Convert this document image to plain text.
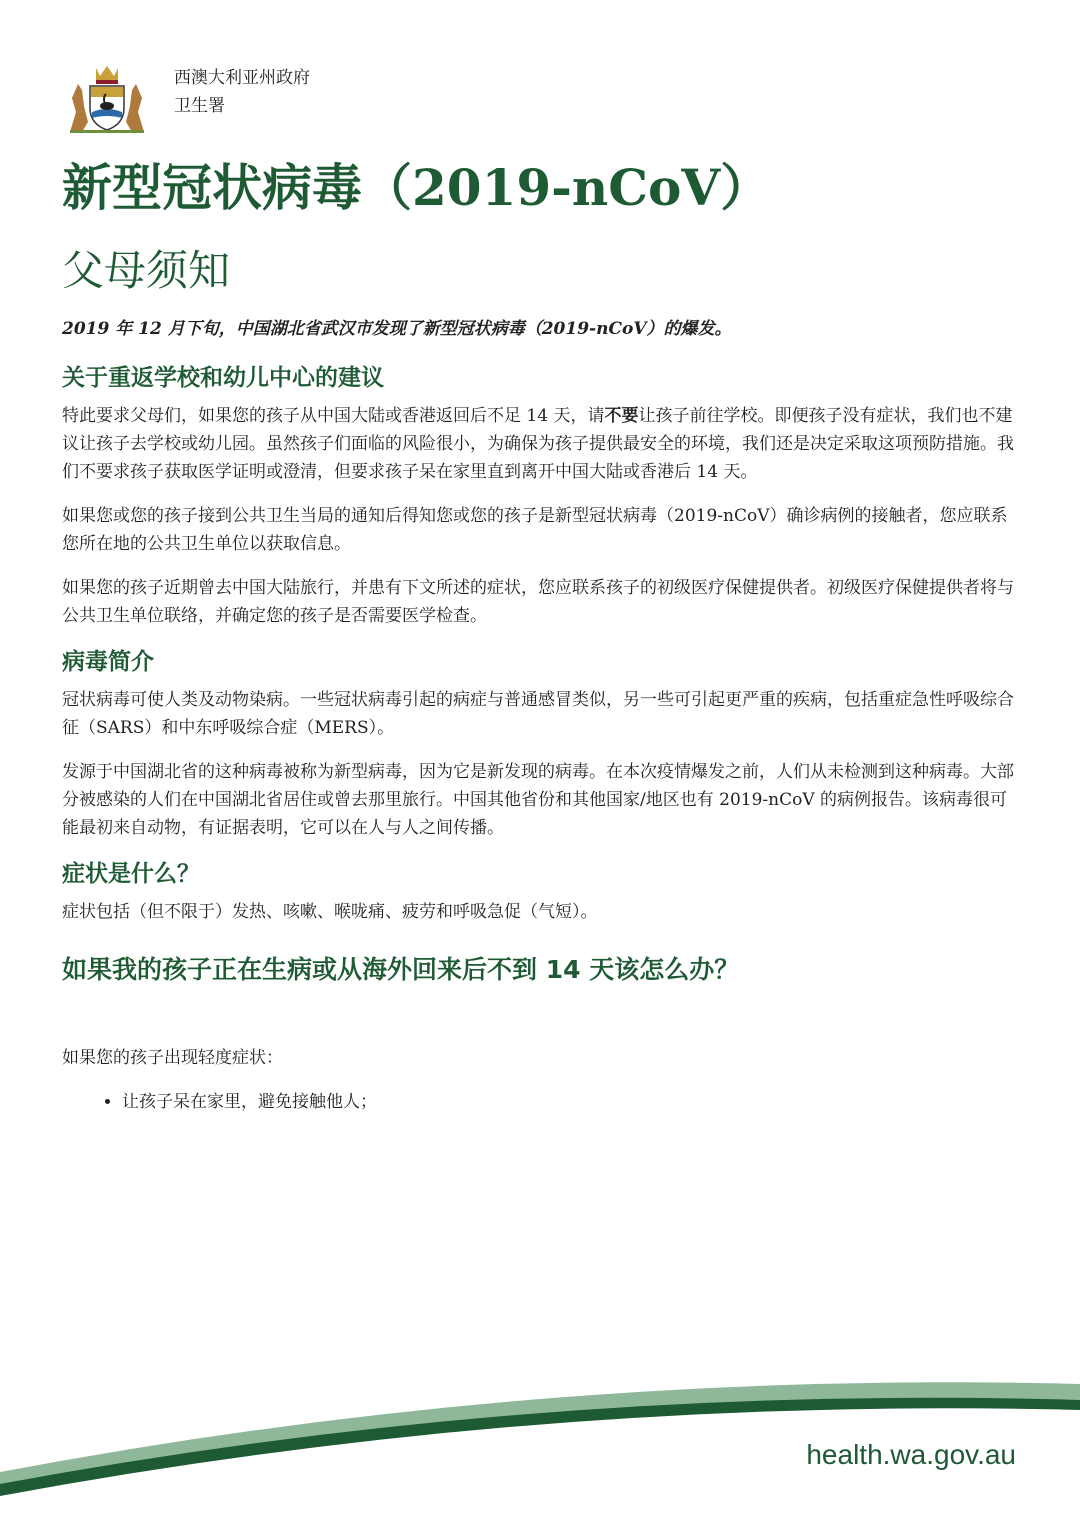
西澳大利亚州政府
卫生署
新型冠状病毒（2019-nCoV）
父母须知

2019 年 12 月下旬，中国湖北省武汉市发现了新型冠状病毒（2019-nCoV）的爆发。

关于重返学校和幼儿中心的建议

特此要求父母们，如果您的孩子从中国大陆或香港返回后不足 14 天，请不要让孩子前往学校。即便孩子没有症状，我们也不建议让孩子去学校或幼儿园。虽然孩子们面临的风险很小，为确保为孩子提供最安全的环境，我们还是决定采取这项预防措施。我们不要求孩子获取医学证明或澄清，但要求孩子呆在家里直到离开中国大陆或香港后 14 天。

如果您或您的孩子接到公共卫生当局的通知后得知您或您的孩子是新型冠状病毒（2019-nCoV）确诊病例的接触者，您应联系您所在地的公共卫生单位以获取信息。

如果您的孩子近期曾去中国大陆旅行，并患有下文所述的症状，您应联系孩子的初级医疗保健提供者。初级医疗保健提供者将与公共卫生单位联络，并确定您的孩子是否需要医学检查。

病毒简介

冠状病毒可使人类及动物染病。一些冠状病毒引起的病症与普通感冒类似，另一些可引起更严重的疾病，包括重症急性呼吸综合征（SARS）和中东呼吸综合症（MERS）。

发源于中国湖北省的这种病毒被称为新型病毒，因为它是新发现的病毒。在本次疫情爆发之前，人们从未检测到这种病毒。大部分被感染的人们在中国湖北省居住或曾去那里旅行。中国其他省份和其他国家/地区也有 2019-nCoV 的病例报告。该病毒很可能最初来自动物，有证据表明，它可以在人与人之间传播。

症状是什么？

症状包括（但不限于）发热、咳嗽、喉咙痛、疲劳和呼吸急促（气短）。

如果我的孩子正在生病或从海外回来后不到 14 天该怎么办？

如果您的孩子出现轻度症状：

• 让孩子呆在家里，避免接触他人；
health.wa.gov.au
